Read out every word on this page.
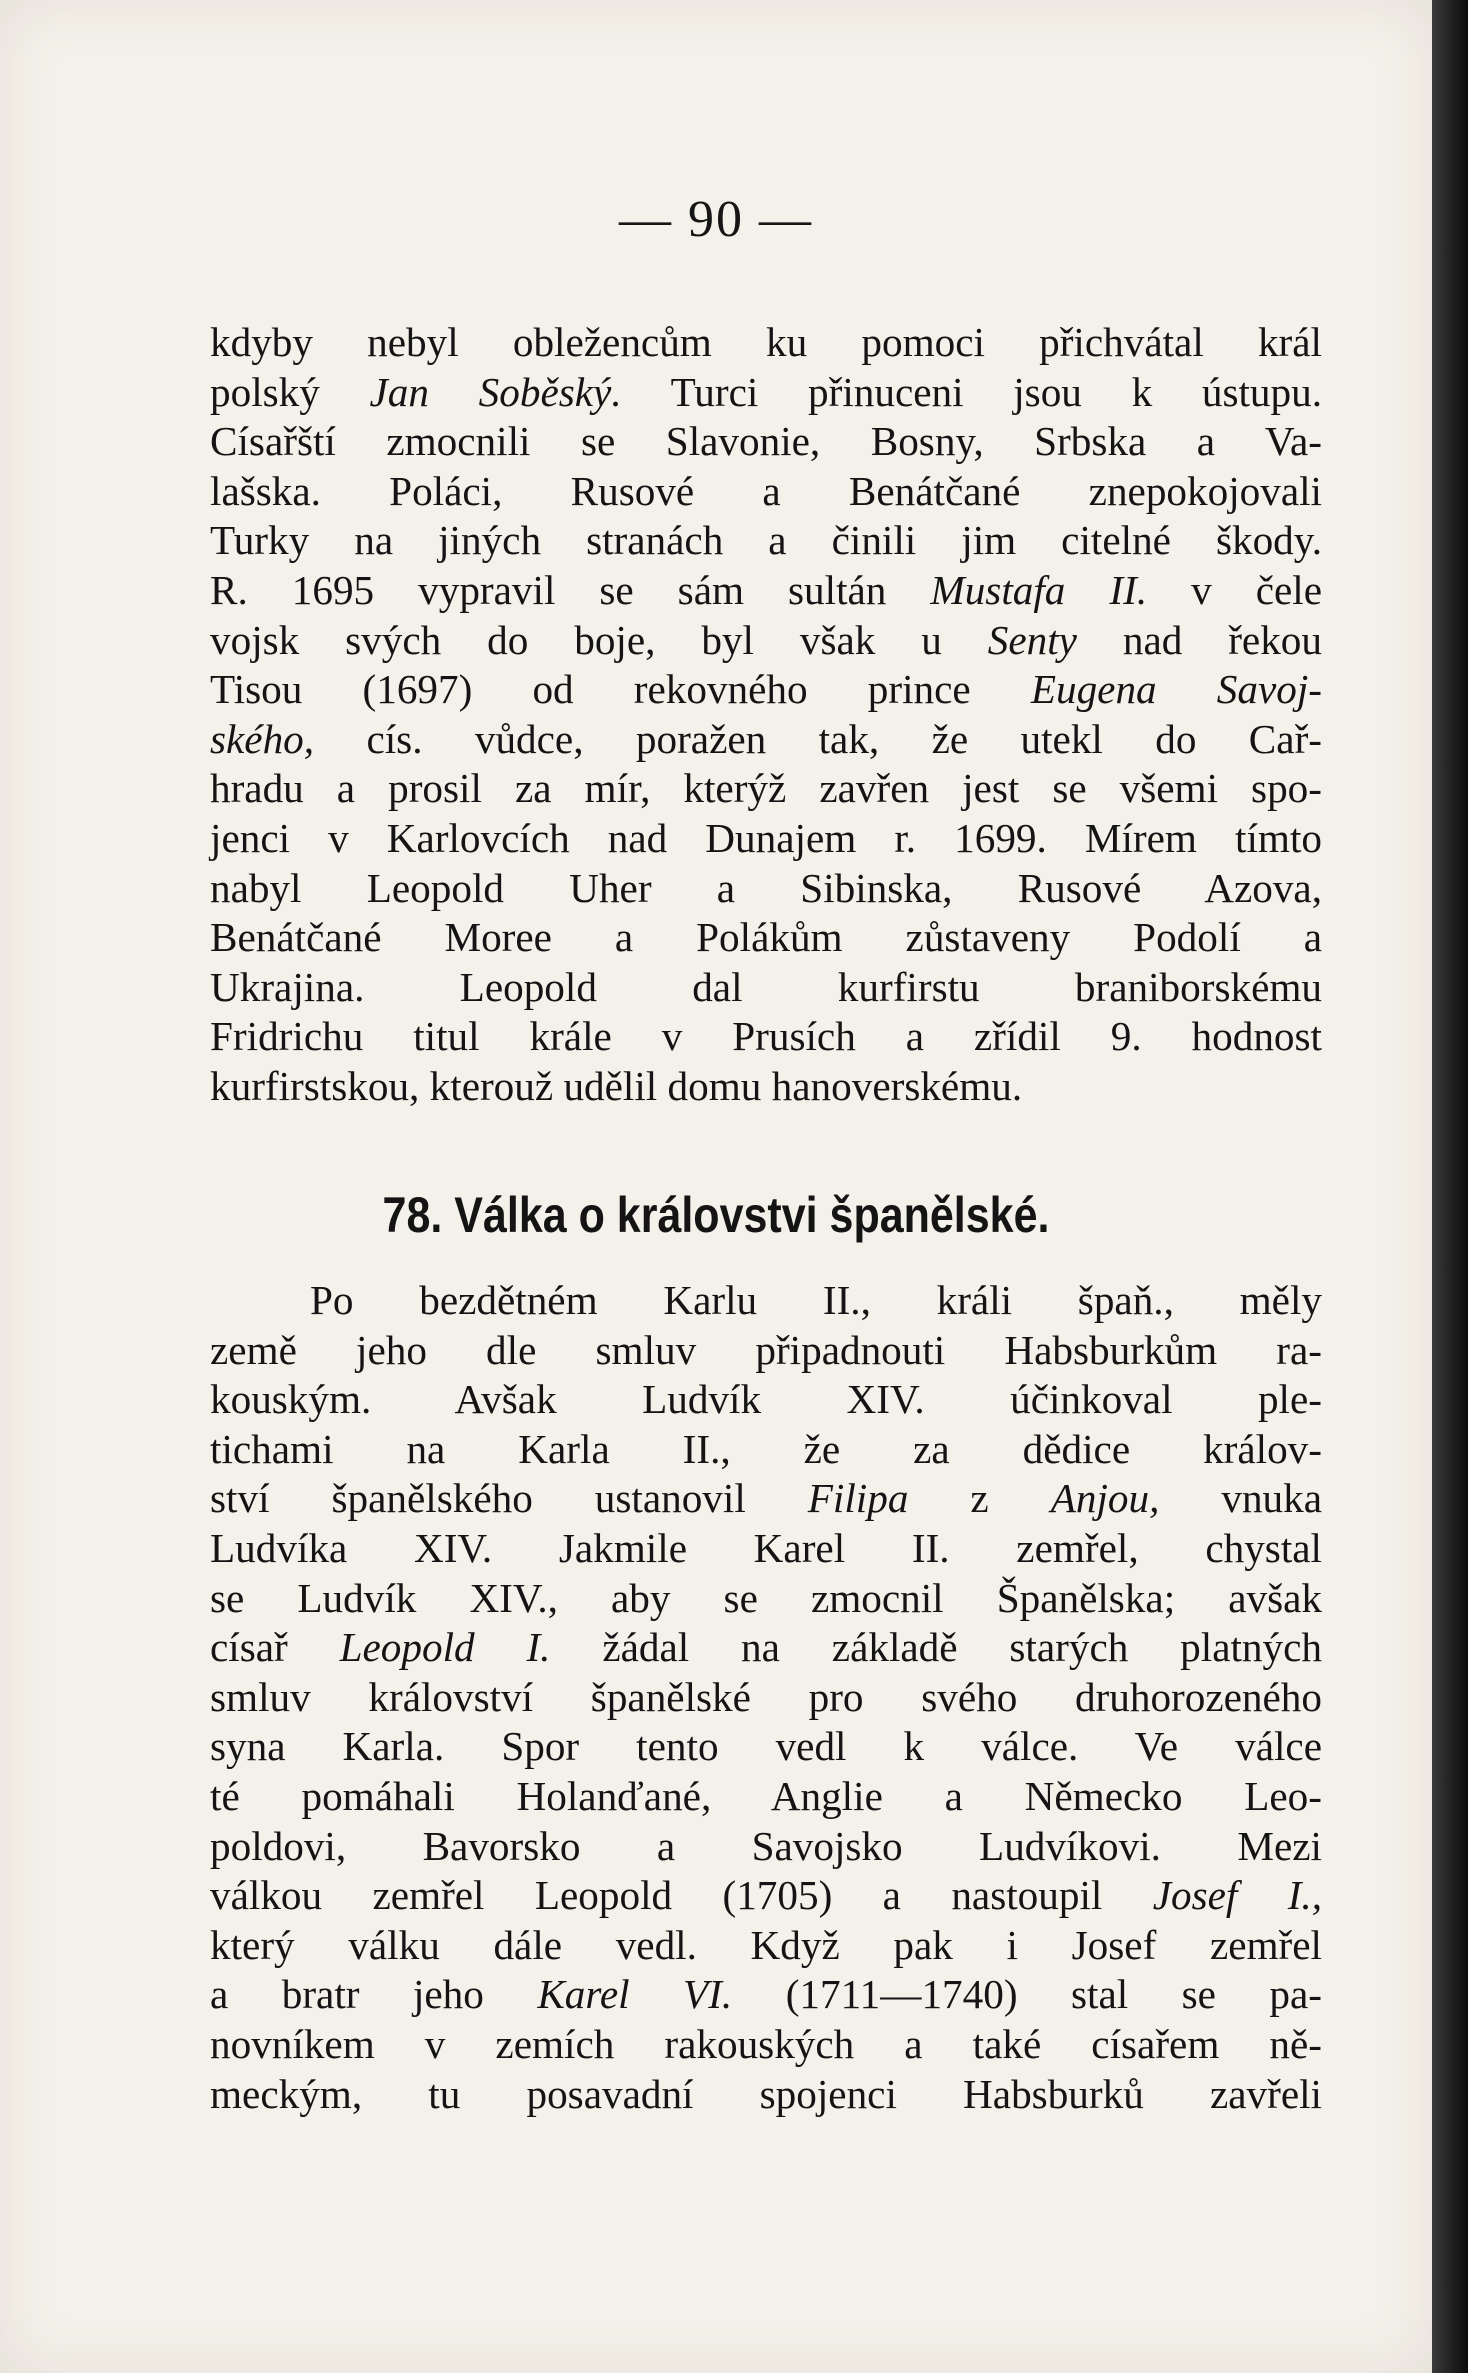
— 90 —
kdyby nebyl obležencům ku pomoci přichvátal král
polský Jan Soběský. Turci přinuceni jsou k ústupu.
Císařští zmocnili se Slavonie, Bosny, Srbska a Va-
lašska. Poláci, Rusové a Benátčané znepokojovali
Turky na jiných stranách a činili jim citelné škody.
R. 1695 vypravil se sám sultán Mustafa II. v čele
vojsk svých do boje, byl však u Senty nad řekou
Tisou (1697) od rekovného prince Eugena Savoj-
ského, cís. vůdce, poražen tak, že utekl do Cař-
hradu a prosil za mír, kterýž zavřen jest se všemi spo-
jenci v Karlovcích nad Dunajem r. 1699. Mírem tímto
nabyl Leopold Uher a Sibinska, Rusové Azova,
Benátčané Moree a Polákům zůstaveny Podolí a
Ukrajina. Leopold dal kurfirstu braniborskému
Fridrichu titul krále v Prusích a zřídil 9. hodnost
kurfirstskou, kterouž udělil domu hanoverskému.
78. Válka o královstvi španělské.
Po bezdětném Karlu II., králi špaň., měly
země jeho dle smluv připadnouti Habsburkům ra-
kouským. Avšak Ludvík XIV. účinkoval ple-
tichami na Karla II., že za dědice králov-
ství španělského ustanovil Filipa z Anjou, vnuka
Ludvíka XIV. Jakmile Karel II. zemřel, chystal
se Ludvík XIV., aby se zmocnil Španělska; avšak
císař Leopold I. žádal na základě starých platných
smluv království španělské pro svého druhorozeného
syna Karla. Spor tento vedl k válce. Ve válce
té pomáhali Holanďané, Anglie a Německo Leo-
poldovi, Bavorsko a Savojsko Ludvíkovi. Mezi
válkou zemřel Leopold (1705) a nastoupil Josef I.,
který válku dále vedl. Když pak i Josef zemřel
a bratr jeho Karel VI. (1711—1740) stal se pa-
novníkem v zemích rakouských a také císařem ně-
meckým, tu posavadní spojenci Habsburků zavřeli
